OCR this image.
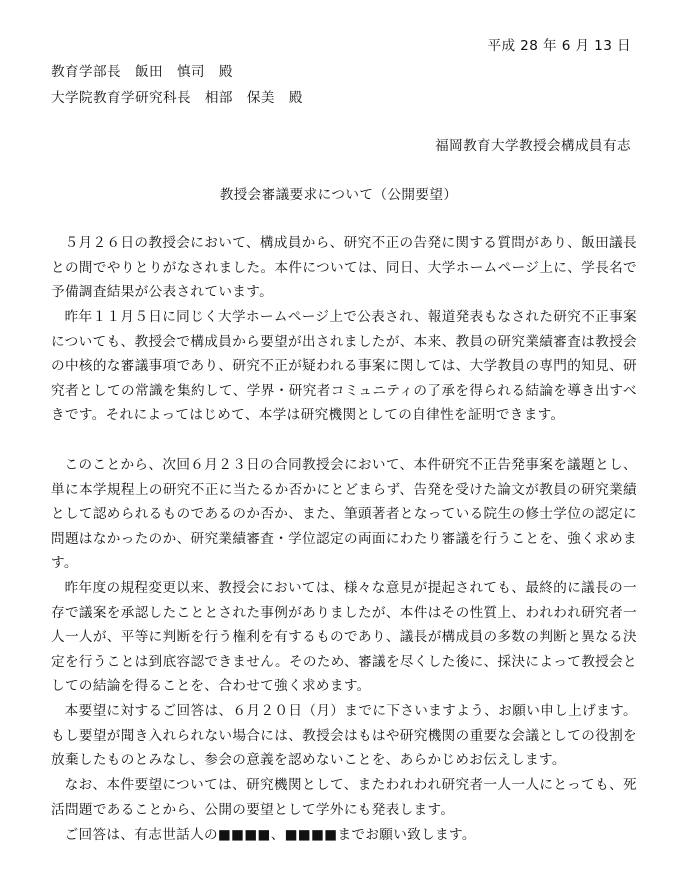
平成 28 年 6 月 13 日
教育学部長　飯田　慎司　殿
大学院教育学研究科長　相部　保美　殿
福岡教育大学教授会構成員有志
教授会審議要求について（公開要望）

５月２６日の教授会において、構成員から、研究不正の告発に関する質問があり、飯田議長との間でやりとりがなされました。本件については、同日、大学ホームページ上に、学長名で予備調査結果が公表されています。

昨年１１月５日に同じく大学ホームページ上で公表され、報道発表もなされた研究不正事案についても、教授会で構成員から要望が出されましたが、本来、教員の研究業績審査は教授会の中核的な審議事項であり、研究不正が疑われる事案に関しては、大学教員の専門的知見、研究者としての常識を集約して、学界・研究者コミュニティの了承を得られる結論を導き出すべきです。それによってはじめて、本学は研究機関としての自律性を証明できます。

このことから、次回６月２３日の合同教授会において、本件研究不正告発事案を議題とし、単に本学規程上の研究不正に当たるか否かにとどまらず、告発を受けた論文が教員の研究業績として認められるものであるのか否か、また、筆頭著者となっている院生の修士学位の認定に問題はなかったのか、研究業績審査・学位認定の両面にわたり審議を行うことを、強く求めます。

昨年度の規程変更以来、教授会においては、様々な意見が提起されても、最終的に議長の一存で議案を承認したこととされた事例がありましたが、本件はその性質上、われわれ研究者一人一人が、平等に判断を行う権利を有するものであり、議長が構成員の多数の判断と異なる決定を行うことは到底容認できません。そのため、審議を尽くした後に、採決によって教授会としての結論を得ることを、合わせて強く求めます。

本要望に対するご回答は、６月２０日（月）までに下さいますよう、お願い申し上げます。もし要望が聞き入れられない場合には、教授会はもはや研究機関の重要な会議としての役割を放棄したものとみなし、参会の意義を認めないことを、あらかじめお伝えします。

なお、本件要望については、研究機関として、またわれわれ研究者一人一人にとっても、死活問題であることから、公開の要望として学外にも発表します。

ご回答は、有志世話人の■■■■、■■■■までお願い致します。
